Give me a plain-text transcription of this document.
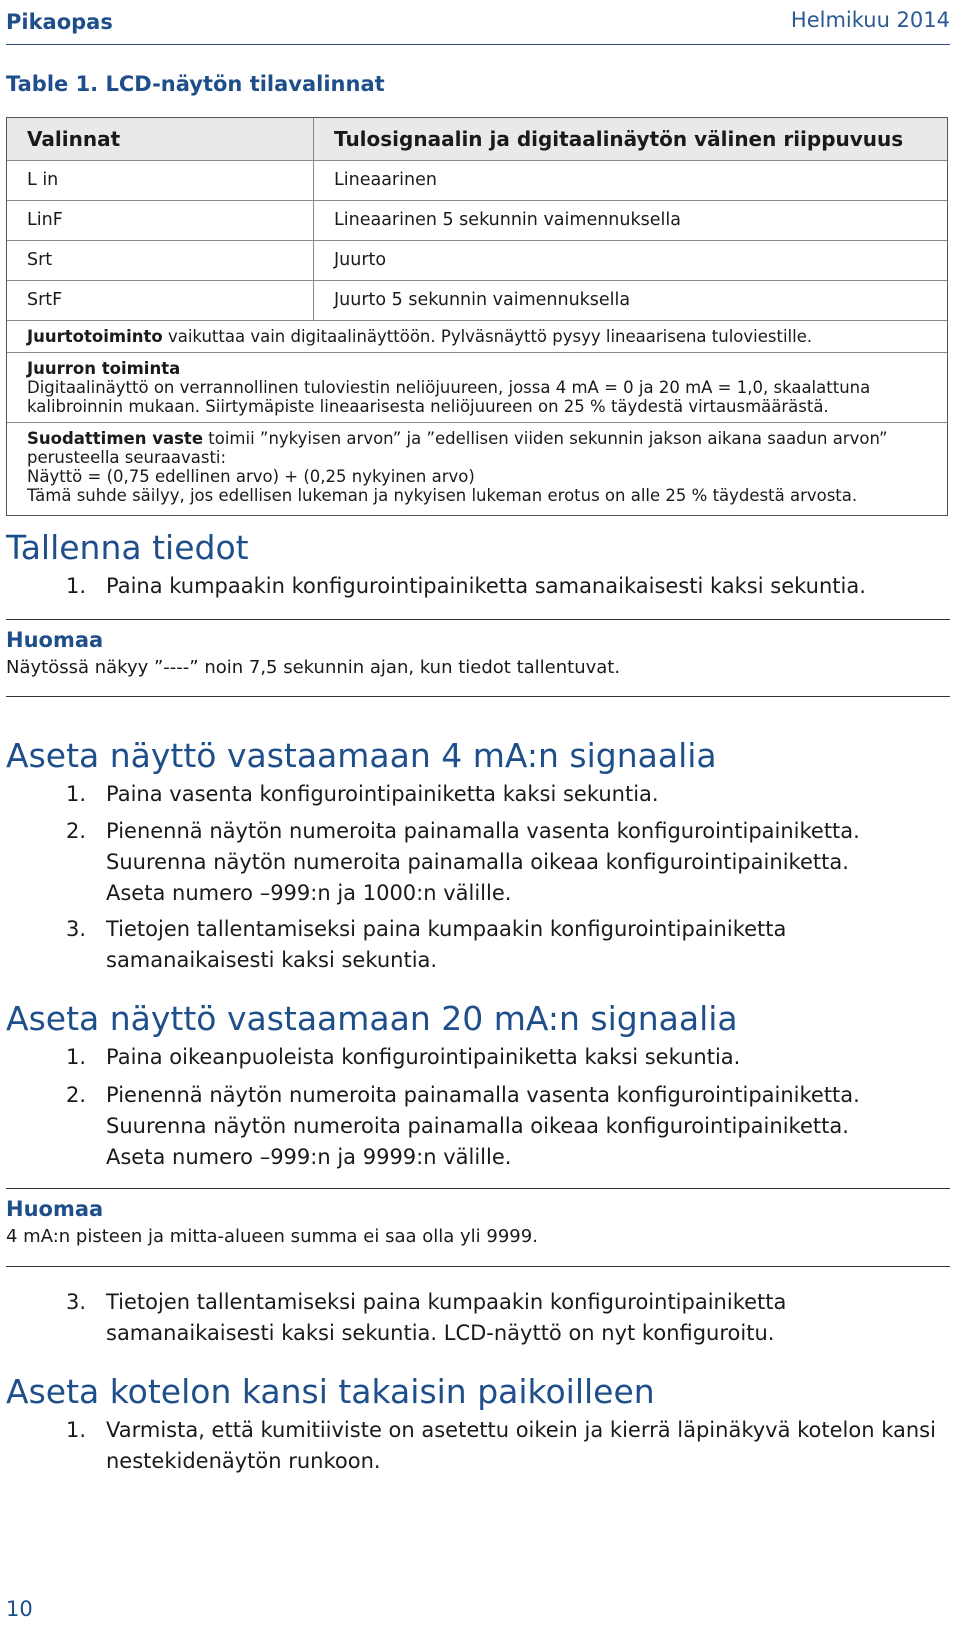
Pikaopas	Helmikuu 2014
Table 1. LCD-näytön tilavalinnat
Valinnat	Tulosignaalin ja digitaalinäytön välinen riippuvuus
L in	Lineaarinen
LinF	Lineaarinen 5 sekunnin vaimennuksella
Srt	Juurto
SrtF	Juurto 5 sekunnin vaimennuksella
Juurtotoiminto vaikuttaa vain digitaalinäyttöön. Pylväsnäyttö pysyy lineaarisena tuloviestille.
Juurron toiminta
Digitaalinäyttö on verrannollinen tuloviestin neliöjuureen, jossa 4 mA = 0 ja 20 mA = 1,0, skaalattuna kalibroinnin mukaan. Siirtymäpiste lineaarisesta neliöjuureen on 25 % täydestä virtausmäärästä.
Suodattimen vaste toimii ”nykyisen arvon” ja ”edellisen viiden sekunnin jakson aikana saadun arvon” perusteella seuraavasti:
Näyttö = (0,75 edellinen arvo) + (0,25 nykyinen arvo)
Tämä suhde säilyy, jos edellisen lukeman ja nykyisen lukeman erotus on alle 25 % täydestä arvosta.
Tallenna tiedot
1. Paina kumpaakin konfigurointipainiketta samanaikaisesti kaksi sekuntia.
Huomaa
Näytössä näkyy ”----” noin 7,5 sekunnin ajan, kun tiedot tallentuvat.
Aseta näyttö vastaamaan 4 mA:n signaalia
1. Paina vasenta konfigurointipainiketta kaksi sekuntia.
2. Pienennä näytön numeroita painamalla vasenta konfigurointipainiketta. Suurenna näytön numeroita painamalla oikeaa konfigurointipainiketta. Aseta numero –999:n ja 1000:n välille.
3. Tietojen tallentamiseksi paina kumpaakin konfigurointipainiketta samanaikaisesti kaksi sekuntia.
Aseta näyttö vastaamaan 20 mA:n signaalia
1. Paina oikeanpuoleista konfigurointipainiketta kaksi sekuntia.
2. Pienennä näytön numeroita painamalla vasenta konfigurointipainiketta. Suurenna näytön numeroita painamalla oikeaa konfigurointipainiketta. Aseta numero –999:n ja 9999:n välille.
Huomaa
4 mA:n pisteen ja mitta-alueen summa ei saa olla yli 9999.
3. Tietojen tallentamiseksi paina kumpaakin konfigurointipainiketta samanaikaisesti kaksi sekuntia. LCD-näyttö on nyt konfiguroitu.
Aseta kotelon kansi takaisin paikoilleen
1. Varmista, että kumitiiviste on asetettu oikein ja kierrä läpinäkyvä kotelon kansi nestekidenäytön runkoon.
10
